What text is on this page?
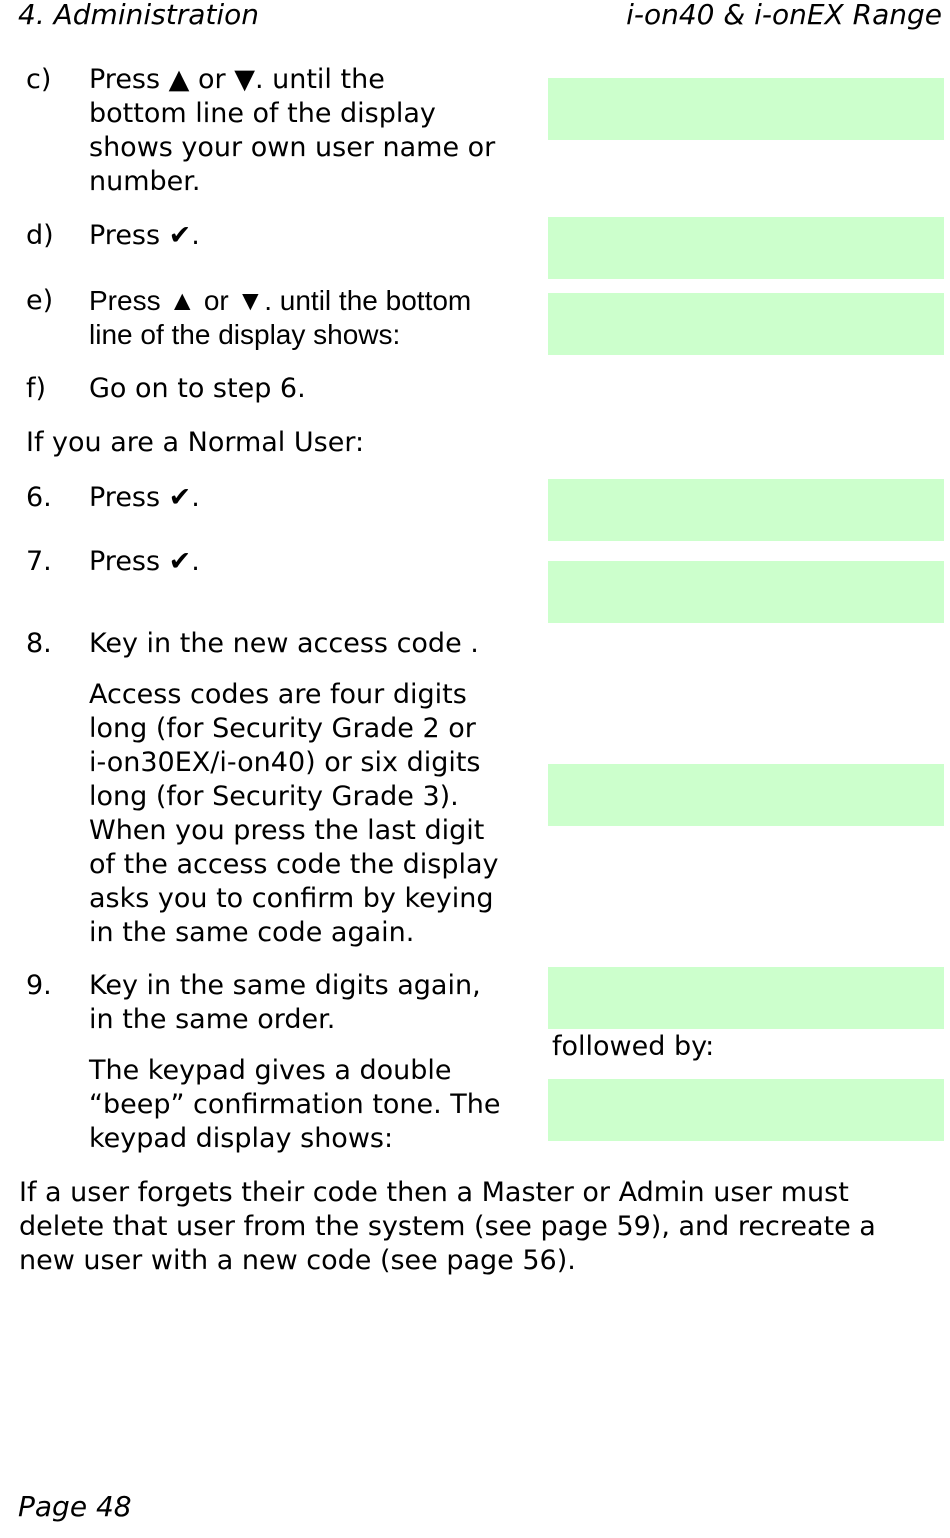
4. Administration	i-on40 & i-onEX Range
c) Press ▲ or ▼. until the
bottom line of the display
shows your own user name or
number.
d) Press ✔.
e) Press ▲ or ▼. until the bottom
line of the display shows:
f) Go on to step 6.
If you are a Normal User:
6. Press ✔.
7. Press ✔.
8. Key in the new access code .
Access codes are four digits
long (for Security Grade 2 or
i-on30EX/i-on40) or six digits
long (for Security Grade 3).
When you press the last digit
of the access code the display
asks you to confirm by keying
in the same code again.
9. Key in the same digits again,
in the same order.
The keypad gives a double
“beep” confirmation tone. The
keypad display shows:

followed by:

If a user forgets their code then a Master or Admin user must
delete that user from the system (see page 59), and recreate a
new user with a new code (see page 56).
Page 48
